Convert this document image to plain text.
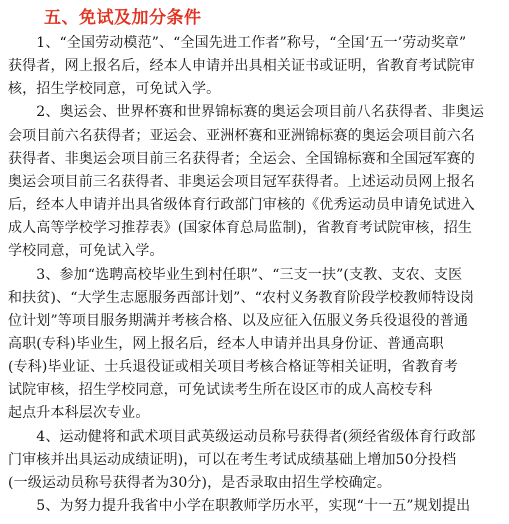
五、免试及加分条件
　　1、“全国劳动模范”、“全国先进工作者”称号，“全国‘五一’劳动奖章”
获得者，网上报名后，经本人申请并出具相关证书或证明，省教育考试院审
核，招生学校同意，可免试入学。
　　2、奥运会、世界杯赛和世界锦标赛的奥运会项目前八名获得者、非奥运
会项目前六名获得者；亚运会、亚洲杯赛和亚洲锦标赛的奥运会项目前六名
获得者、非奥运会项目前三名获得者；全运会、全国锦标赛和全国冠军赛的
奥运会项目前三名获得者、非奥运会项目冠军获得者。上述运动员网上报名
后，经本人申请并出具省级体育行政部门审核的《优秀运动员申请免试进入
成人高等学校学习推荐表》(国家体育总局监制)，省教育考试院审核，招生
学校同意，可免试入学。
　　3、参加“选聘高校毕业生到村任职”、“三支一扶”(支教、支农、支医
和扶贫)、“大学生志愿服务西部计划”、“农村义务教育阶段学校教师特设岗
位计划”等项目服务期满并考核合格、以及应征入伍服义务兵役退役的普通
高职(专科)毕业生，网上报名后，经本人申请并出具身份证、普通高职
(专科)毕业证、士兵退役证或相关项目考核合格证等相关证明，省教育考
试院审核，招生学校同意，可免试读考生所在设区市的成人高校专科
起点升本科层次专业。
　　4、运动健将和武术项目武英级运动员称号获得者(须经省级体育行政部
门审核并出具运动成绩证明)，可以在考生考试成绩基础上增加50分投档
(一级运动员称号获得者为30分)，是否录取由招生学校确定。
　　5、为努力提升我省中小学在职教师学历水平，实现“十一五”规划提出
